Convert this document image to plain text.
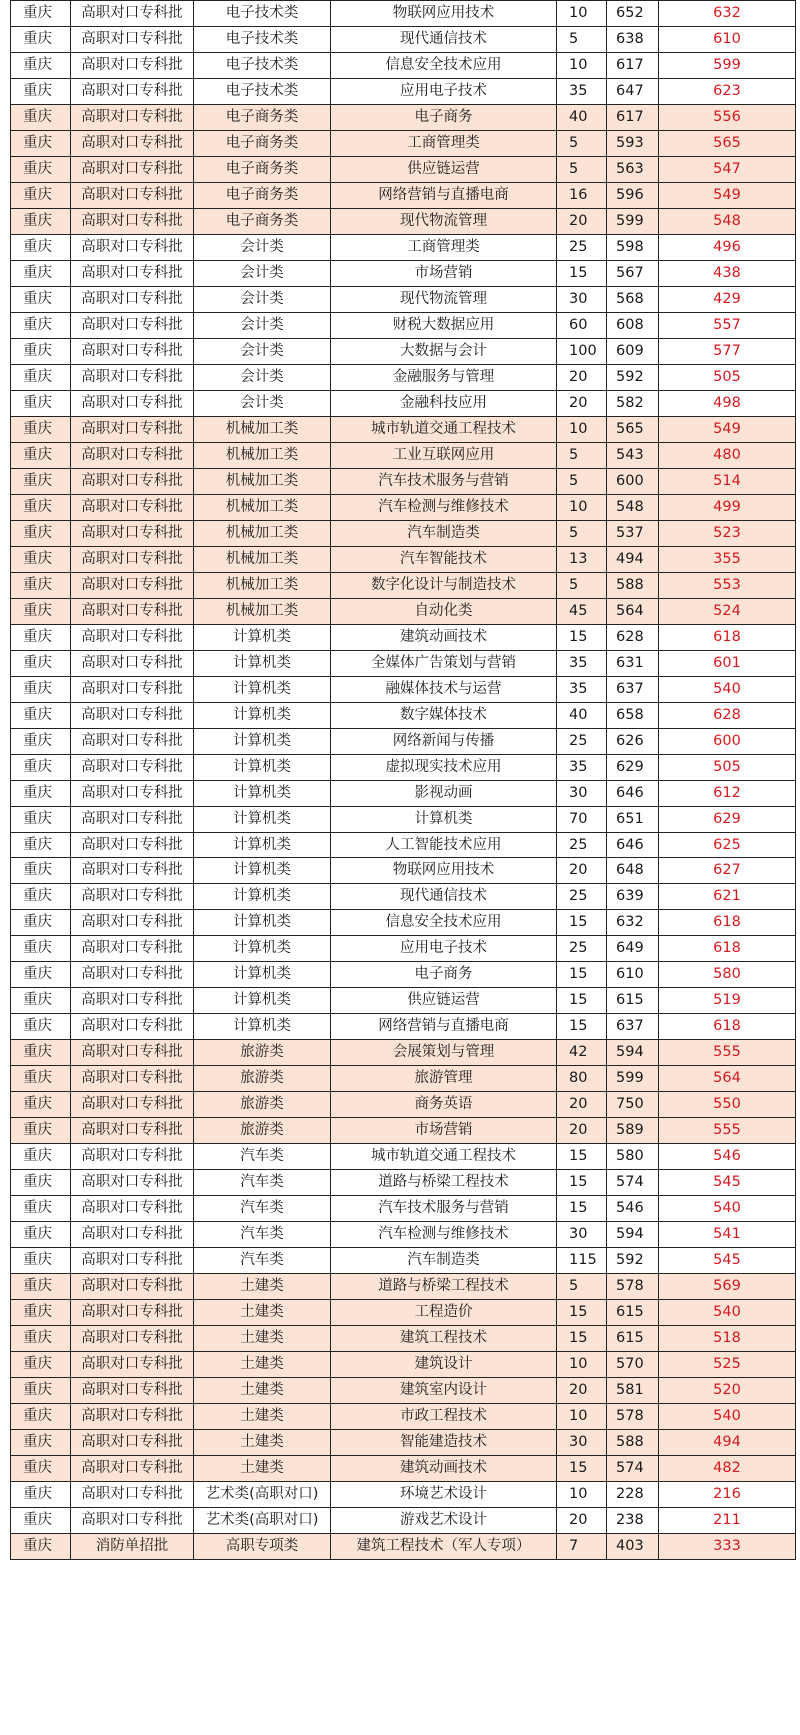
重庆	高职对口专科批	电子技术类	物联网应用技术	10	652	632
重庆	高职对口专科批	电子技术类	现代通信技术	5	638	610
重庆	高职对口专科批	电子技术类	信息安全技术应用	10	617	599
重庆	高职对口专科批	电子技术类	应用电子技术	35	647	623
重庆	高职对口专科批	电子商务类	电子商务	40	617	556
重庆	高职对口专科批	电子商务类	工商管理类	5	593	565
重庆	高职对口专科批	电子商务类	供应链运营	5	563	547
重庆	高职对口专科批	电子商务类	网络营销与直播电商	16	596	549
重庆	高职对口专科批	电子商务类	现代物流管理	20	599	548
重庆	高职对口专科批	会计类	工商管理类	25	598	496
重庆	高职对口专科批	会计类	市场营销	15	567	438
重庆	高职对口专科批	会计类	现代物流管理	30	568	429
重庆	高职对口专科批	会计类	财税大数据应用	60	608	557
重庆	高职对口专科批	会计类	大数据与会计	100	609	577
重庆	高职对口专科批	会计类	金融服务与管理	20	592	505
重庆	高职对口专科批	会计类	金融科技应用	20	582	498
重庆	高职对口专科批	机械加工类	城市轨道交通工程技术	10	565	549
重庆	高职对口专科批	机械加工类	工业互联网应用	5	543	480
重庆	高职对口专科批	机械加工类	汽车技术服务与营销	5	600	514
重庆	高职对口专科批	机械加工类	汽车检测与维修技术	10	548	499
重庆	高职对口专科批	机械加工类	汽车制造类	5	537	523
重庆	高职对口专科批	机械加工类	汽车智能技术	13	494	355
重庆	高职对口专科批	机械加工类	数字化设计与制造技术	5	588	553
重庆	高职对口专科批	机械加工类	自动化类	45	564	524
重庆	高职对口专科批	计算机类	建筑动画技术	15	628	618
重庆	高职对口专科批	计算机类	全媒体广告策划与营销	35	631	601
重庆	高职对口专科批	计算机类	融媒体技术与运营	35	637	540
重庆	高职对口专科批	计算机类	数字媒体技术	40	658	628
重庆	高职对口专科批	计算机类	网络新闻与传播	25	626	600
重庆	高职对口专科批	计算机类	虚拟现实技术应用	35	629	505
重庆	高职对口专科批	计算机类	影视动画	30	646	612
重庆	高职对口专科批	计算机类	计算机类	70	651	629
重庆	高职对口专科批	计算机类	人工智能技术应用	25	646	625
重庆	高职对口专科批	计算机类	物联网应用技术	20	648	627
重庆	高职对口专科批	计算机类	现代通信技术	25	639	621
重庆	高职对口专科批	计算机类	信息安全技术应用	15	632	618
重庆	高职对口专科批	计算机类	应用电子技术	25	649	618
重庆	高职对口专科批	计算机类	电子商务	15	610	580
重庆	高职对口专科批	计算机类	供应链运营	15	615	519
重庆	高职对口专科批	计算机类	网络营销与直播电商	15	637	618
重庆	高职对口专科批	旅游类	会展策划与管理	42	594	555
重庆	高职对口专科批	旅游类	旅游管理	80	599	564
重庆	高职对口专科批	旅游类	商务英语	20	750	550
重庆	高职对口专科批	旅游类	市场营销	20	589	555
重庆	高职对口专科批	汽车类	城市轨道交通工程技术	15	580	546
重庆	高职对口专科批	汽车类	道路与桥梁工程技术	15	574	545
重庆	高职对口专科批	汽车类	汽车技术服务与营销	15	546	540
重庆	高职对口专科批	汽车类	汽车检测与维修技术	30	594	541
重庆	高职对口专科批	汽车类	汽车制造类	115	592	545
重庆	高职对口专科批	土建类	道路与桥梁工程技术	5	578	569
重庆	高职对口专科批	土建类	工程造价	15	615	540
重庆	高职对口专科批	土建类	建筑工程技术	15	615	518
重庆	高职对口专科批	土建类	建筑设计	10	570	525
重庆	高职对口专科批	土建类	建筑室内设计	20	581	520
重庆	高职对口专科批	土建类	市政工程技术	10	578	540
重庆	高职对口专科批	土建类	智能建造技术	30	588	494
重庆	高职对口专科批	土建类	建筑动画技术	15	574	482
重庆	高职对口专科批	艺术类(高职对口)	环境艺术设计	10	228	216
重庆	高职对口专科批	艺术类(高职对口)	游戏艺术设计	20	238	211
重庆	消防单招批	高职专项类	建筑工程技术（军人专项）	7	403	333
